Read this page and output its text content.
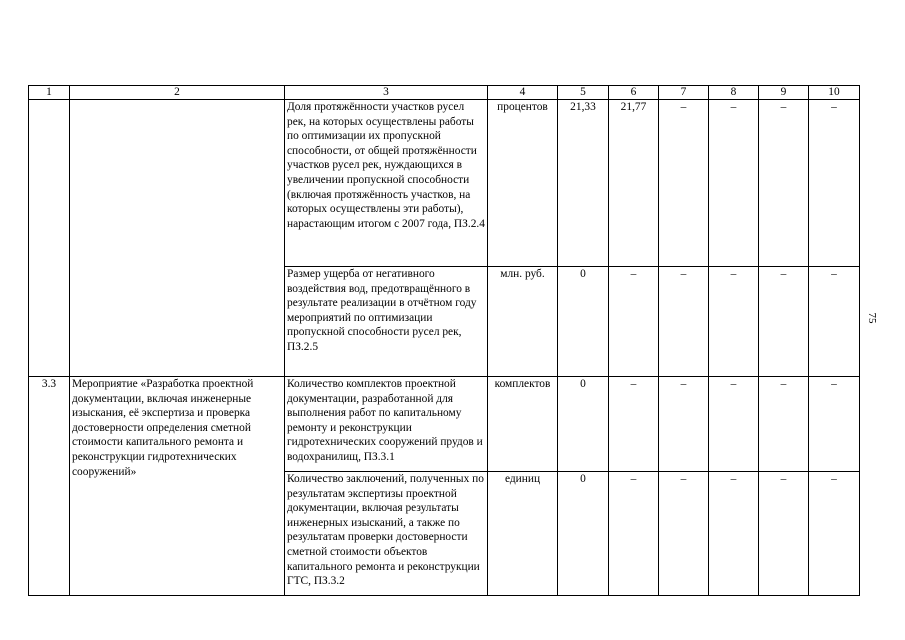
1	2	3	4	5	6	7	8	9	10
		Доля протяжённости участков русел рек, на которых осуществлены работы по оптимизации их пропускной способности, от общей протяжённости участков русел рек, нуждающихся в увеличении пропускной способности (включая протяжённость участков, на которых осуществлены эти работы), нарастающим итогом с 2007 года, ПЗ.2.4	процентов	21,33	21,77	–	–	–	–
		Размер ущерба от негативного воздействия вод, предотвращённого в результате реализации в отчётном году мероприятий по оптимизации пропускной способности русел рек, ПЗ.2.5	млн. руб.	0	–	–	–	–	–
3.3	Мероприятие «Разработка проектной документации, включая инженерные изыскания, её экспертиза и проверка достоверности определения сметной стоимости капитального ремонта и реконструкции гидротехнических сооружений»	Количество комплектов проектной документации, разработанной для выполнения работ по капитальному ремонту и реконструкции гидротехнических сооружений прудов и водохранилищ, ПЗ.3.1	комплектов	0	–	–	–	–	–
		Количество заключений, полученных по результатам экспертизы проектной документации, включая результаты инженерных изысканий, а также по результатам проверки достоверности сметной стоимости объектов капитального ремонта и реконструкции ГТС, ПЗ.3.2	единиц	0	–	–	–	–	–
75
